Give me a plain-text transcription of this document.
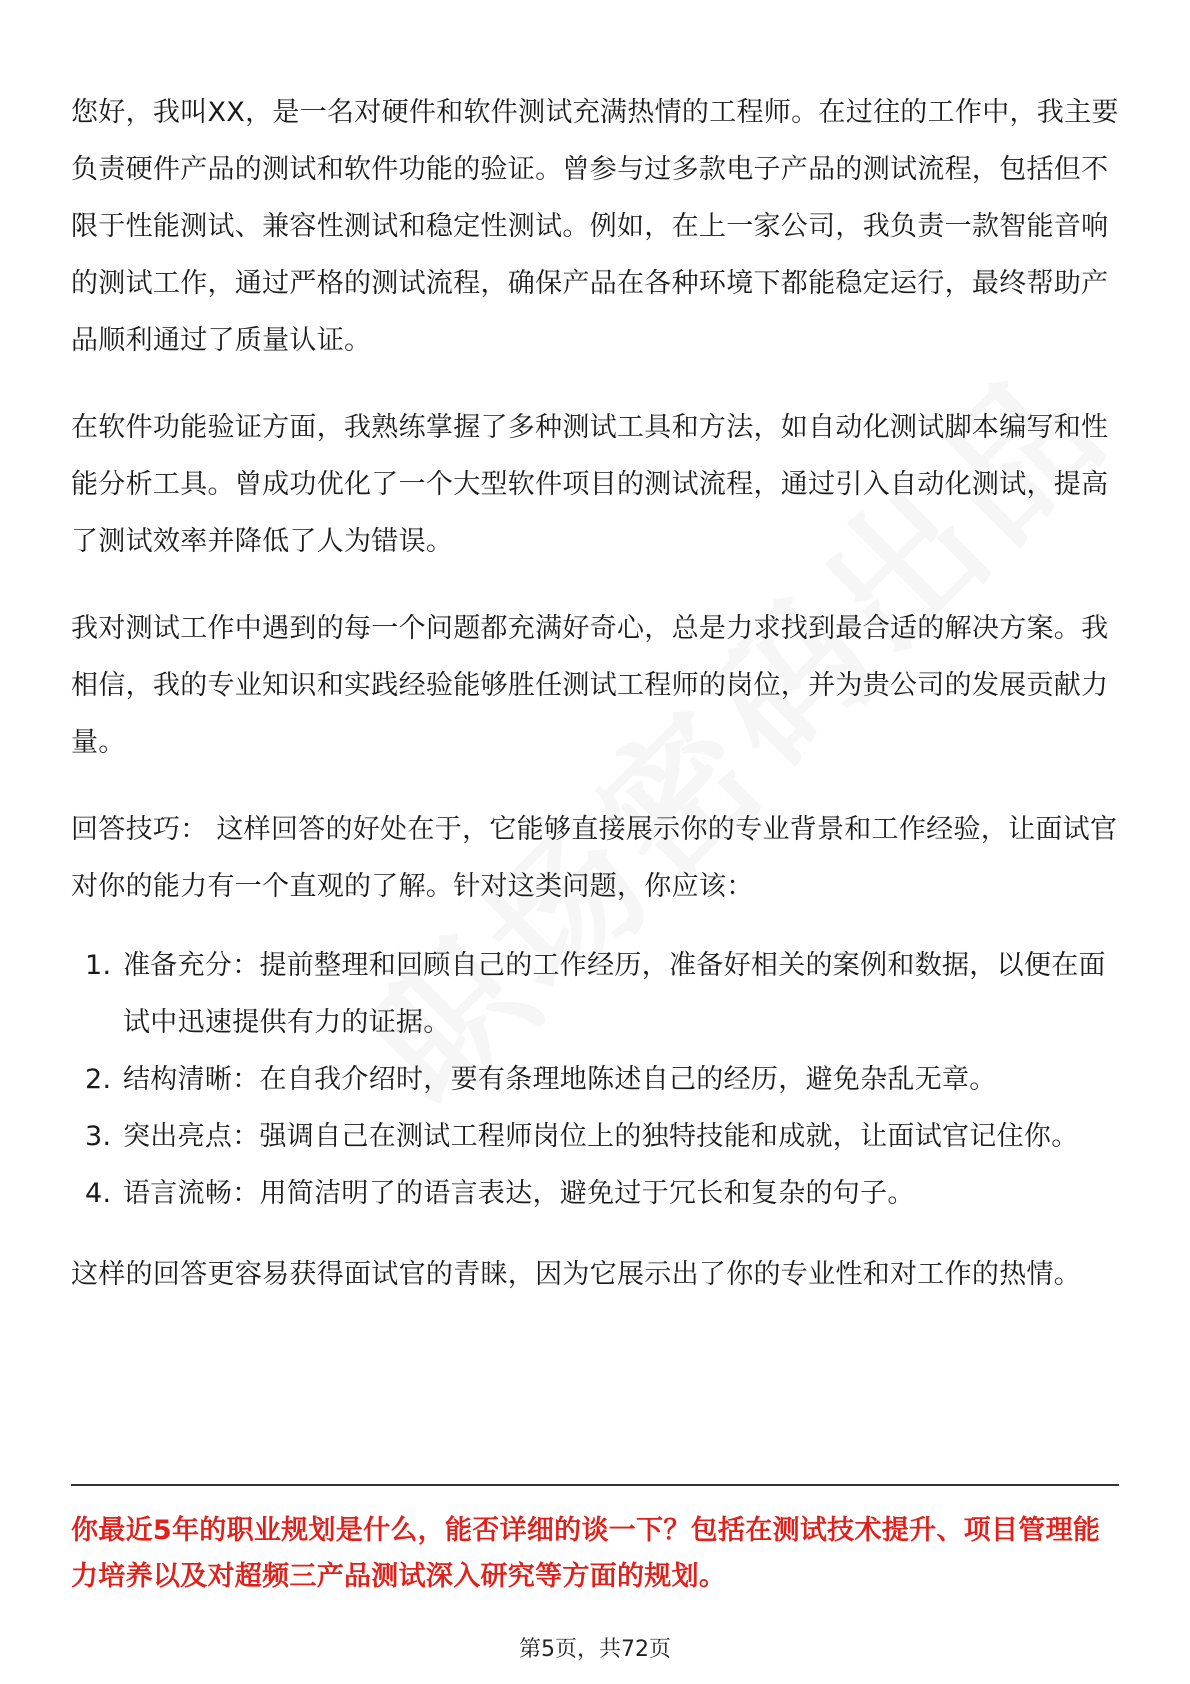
您好，我叫XX，是一名对硬件和软件测试充满热情的工程师。在过往的工作中，我主要负责硬件产品的测试和软件功能的验证。曾参与过多款电子产品的测试流程，包括但不限于性能测试、兼容性测试和稳定性测试。例如，在上一家公司，我负责一款智能音响的测试工作，通过严格的测试流程，确保产品在各种环境下都能稳定运行，最终帮助产品顺利通过了质量认证。

在软件功能验证方面，我熟练掌握了多种测试工具和方法，如自动化测试脚本编写和性能分析工具。曾成功优化了一个大型软件项目的测试流程，通过引入自动化测试，提高了测试效率并降低了人为错误。

我对测试工作中遇到的每一个问题都充满好奇心，总是力求找到最合适的解决方案。我相信，我的专业知识和实践经验能够胜任测试工程师的岗位，并为贵公司的发展贡献力量。

回答技巧： 这样回答的好处在于，它能够直接展示你的专业背景和工作经验，让面试官对你的能力有一个直观的了解。针对这类问题，你应该：

1. 准备充分：提前整理和回顾自己的工作经历，准备好相关的案例和数据，以便在面试中迅速提供有力的证据。
2. 结构清晰：在自我介绍时，要有条理地陈述自己的经历，避免杂乱无章。
3. 突出亮点：强调自己在测试工程师岗位上的独特技能和成就，让面试官记住你。
4. 语言流畅：用简洁明了的语言表达，避免过于冗长和复杂的句子。

这样的回答更容易获得面试官的青睐，因为它展示出了你的专业性和对工作的热情。

你最近5年的职业规划是什么，能否详细的谈一下？包括在测试技术提升、项目管理能力培养以及对超频三产品测试深入研究等方面的规划。
第5页，共72页
